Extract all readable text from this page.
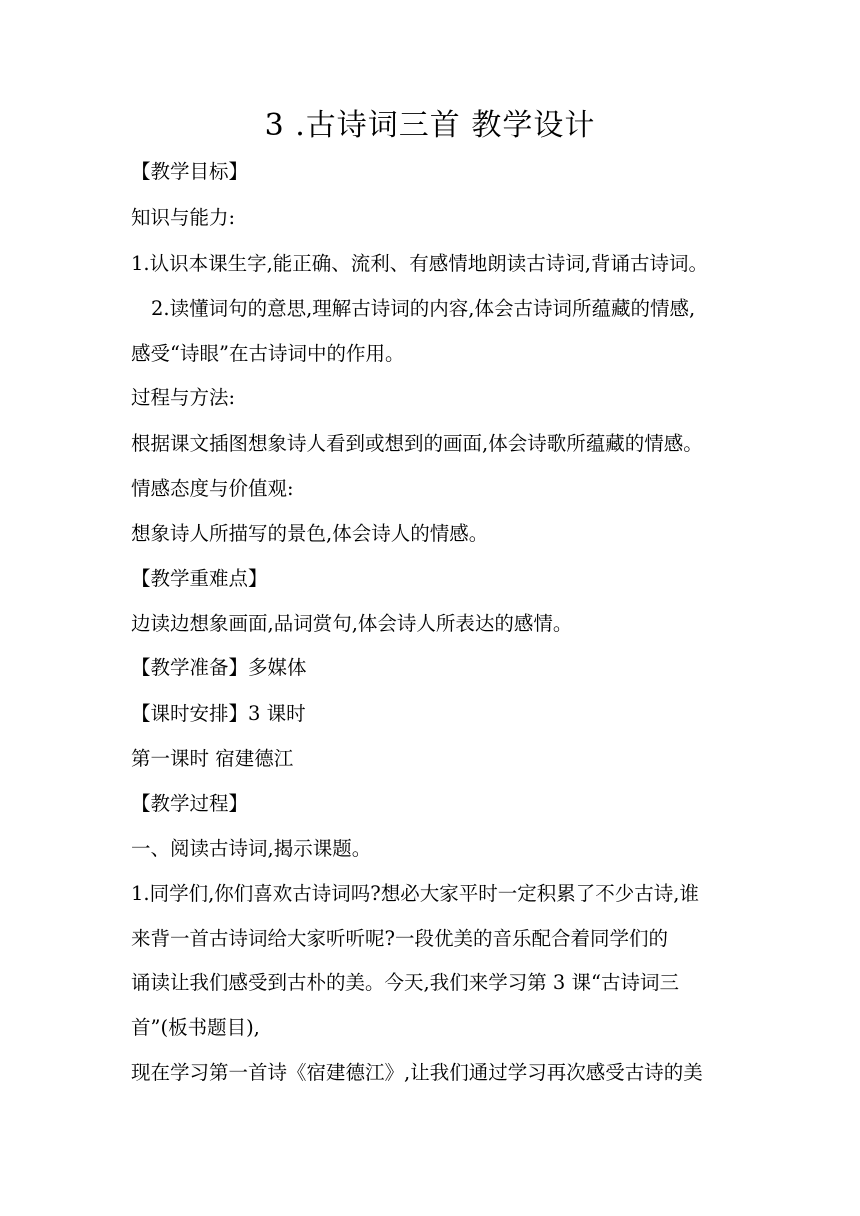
3 .古诗词三首 教学设计
【教学目标】
知识与能力:
1.认识本课生字,能正确、流利、有感情地朗读古诗词,背诵古诗词。
2.读懂词句的意思,理解古诗词的内容,体会古诗词所蕴藏的情感,
感受“诗眼”在古诗词中的作用。
过程与方法:
根据课文插图想象诗人看到或想到的画面,体会诗歌所蕴藏的情感。
情感态度与价值观:
想象诗人所描写的景色,体会诗人的情感。
【教学重难点】
边读边想象画面,品词赏句,体会诗人所表达的感情。
【教学准备】多媒体
【课时安排】3 课时
第一课时 宿建德江
【教学过程】
一、阅读古诗词,揭示课题。
1.同学们,你们喜欢古诗词吗?想必大家平时一定积累了不少古诗,谁
来背一首古诗词给大家听听呢?一段优美的音乐配合着同学们的
诵读让我们感受到古朴的美。今天,我们来学习第 3 课“古诗词三
首”(板书题目),
现在学习第一首诗《宿建德江》,让我们通过学习再次感受古诗的美
